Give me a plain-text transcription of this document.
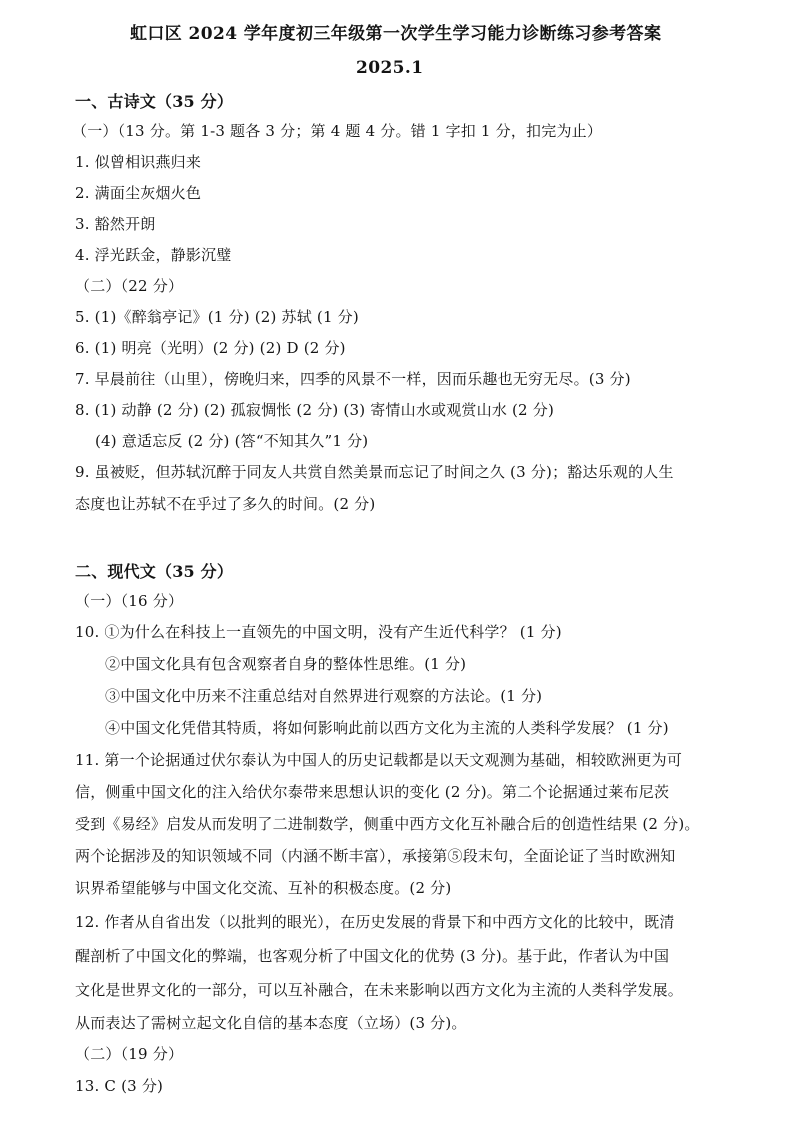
虹口区 2024 学年度初三年级第一次学生学习能力诊断练习参考答案
2025.1
一、古诗文（35 分）
（一）（13 分。第 1-3 题各 3 分；第 4 题 4 分。错 1 字扣 1 分，扣完为止）
1. 似曾相识燕归来
2. 满面尘灰烟火色
3. 豁然开朗
4. 浮光跃金，静影沉璧
（二）（22 分）
5. (1)《醉翁亭记》(1 分) (2) 苏轼 (1 分)
6. (1) 明亮（光明）(2 分) (2) D (2 分)
7. 早晨前往（山里），傍晚归来，四季的风景不一样，因而乐趣也无穷无尽。(3 分)
8. (1) 动静 (2 分) (2) 孤寂惆怅 (2 分) (3) 寄情山水或观赏山水 (2 分)
(4) 意适忘反 (2 分) (答“不知其久”1 分)
9. 虽被贬，但苏轼沉醉于同友人共赏自然美景而忘记了时间之久 (3 分)；豁达乐观的人生
态度也让苏轼不在乎过了多久的时间。(2 分)
二、现代文（35 分）
（一）（16 分）
10. ①为什么在科技上一直领先的中国文明，没有产生近代科学？ (1 分)
②中国文化具有包含观察者自身的整体性思维。(1 分)
③中国文化中历来不注重总结对自然界进行观察的方法论。(1 分)
④中国文化凭借其特质，将如何影响此前以西方文化为主流的人类科学发展？ (1 分)
11. 第一个论据通过伏尔泰认为中国人的历史记载都是以天文观测为基础，相较欧洲更为可
信，侧重中国文化的注入给伏尔泰带来思想认识的变化 (2 分)。第二个论据通过莱布尼茨
受到《易经》启发从而发明了二进制数学，侧重中西方文化互补融合后的创造性结果 (2 分)。
两个论据涉及的知识领域不同（内涵不断丰富），承接第⑤段末句，全面论证了当时欧洲知
识界希望能够与中国文化交流、互补的积极态度。(2 分)
12. 作者从自省出发（以批判的眼光），在历史发展的背景下和中西方文化的比较中，既清
醒剖析了中国文化的弊端，也客观分析了中国文化的优势 (3 分)。基于此，作者认为中国
文化是世界文化的一部分，可以互补融合，在未来影响以西方文化为主流的人类科学发展。
从而表达了需树立起文化自信的基本态度（立场）(3 分)。
（二）（19 分）
13. C (3 分)
